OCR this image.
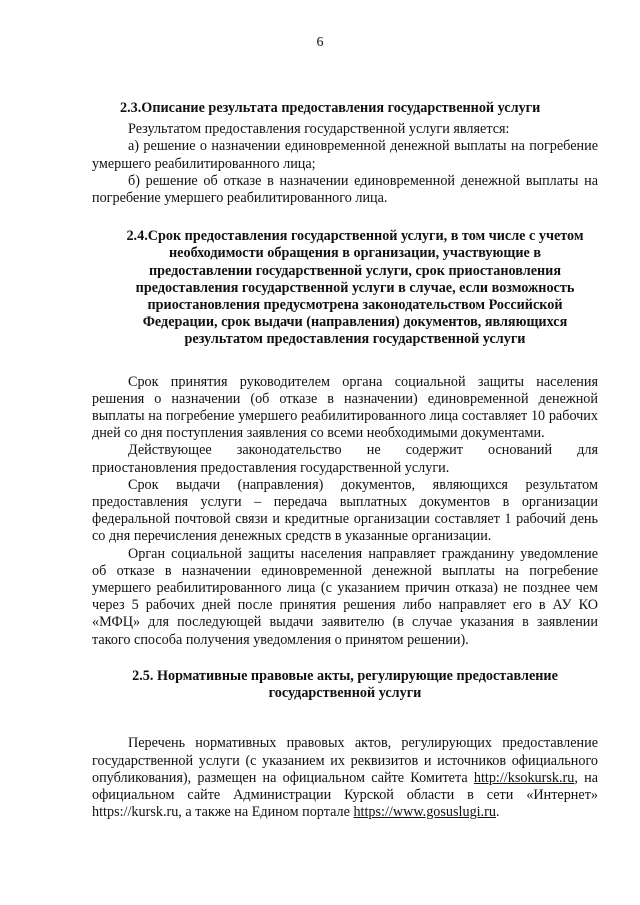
6
2.3.Описание результата предоставления государственной услуги

Результатом предоставления государственной услуги является:

а) решение о назначении единовременной денежной выплаты на погребение умершего реабилитированного лица;

б) решение об отказе в назначении единовременной денежной выплаты на погребение умершего реабилитированного лица.

2.4.Срок предоставления государственной услуги, в том числе с учетом необходимости обращения в организации, участвующие в предоставлении государственной услуги, срок приостановления предоставления государственной услуги в случае, если возможность приостановления предусмотрена законодательством Российской Федерации, срок выдачи (направления) документов, являющихся результатом предоставления государственной услуги

Срок принятия руководителем органа социальной защиты населения решения о назначении (об отказе в назначении) единовременной денежной выплаты на погребение умершего реабилитированного лица составляет 10 рабочих дней со дня поступления заявления со всеми необходимыми документами.

Действующее законодательство не содержит оснований для приостановления предоставления государственной услуги.

Срок выдачи (направления) документов, являющихся результатом предоставления услуги – передача выплатных документов в организации федеральной почтовой связи и кредитные организации составляет 1 рабочий день со дня перечисления денежных средств в указанные организации.

Орган социальной защиты населения направляет гражданину уведомление об отказе в назначении единовременной денежной выплаты на погребение умершего реабилитированного лица (с указанием причин отказа) не позднее чем через 5 рабочих дней после принятия решения либо направляет его в АУ КО «МФЦ» для последующей выдачи заявителю (в случае указания в заявлении такого способа получения уведомления о принятом решении).

2.5. Нормативные правовые акты, регулирующие предоставление государственной услуги

Перечень нормативных правовых актов, регулирующих предоставление государственной услуги (с указанием их реквизитов и источников официального опубликования), размещен на официальном сайте Комитета http://ksokursk.ru, на официальном сайте Администрации Курской области в сети «Интернет» https://kursk.ru, а также на Едином портале https://www.gosuslugi.ru.
